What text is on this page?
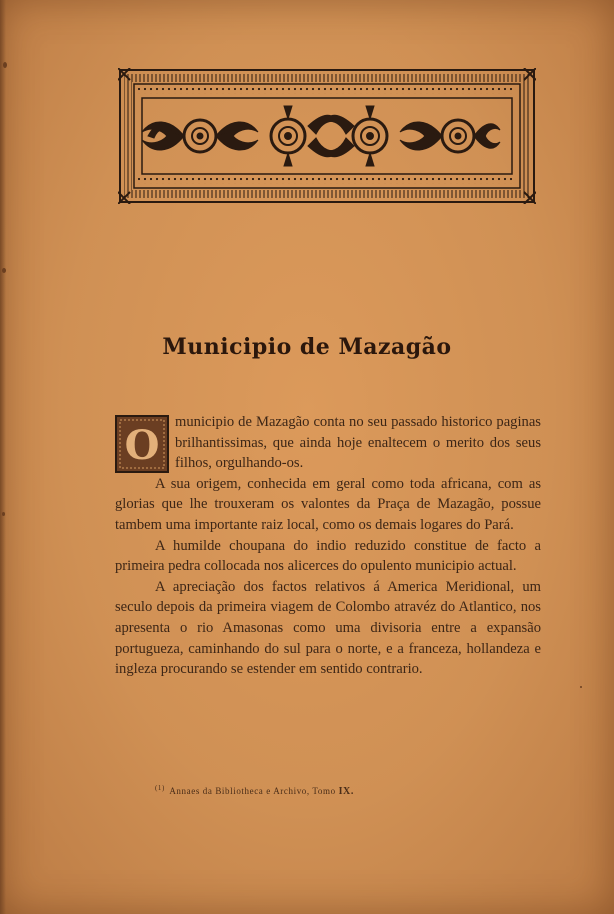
Municipio de Mazagão

O municipio de Mazagão conta no seu passado historico paginas brilhantissimas, que ainda hoje enaltecem o merito dos seus filhos, orgulhando-os.

A sua origem, conhecida em geral como toda africana, com as glorias que lhe trouxeram os valontes da Praça de Mazagão, possue tambem uma importante raiz local, como os demais logares do Pará.

A humilde choupana do indio reduzido constitue de facto a primeira pedra collocada nos alicerces do opulento municipio actual.

A apreciação dos factos relativos á America Meridional, um seculo depois da primeira viagem de Colombo atravéz do Atlantico, nos apresenta o rio Amasonas como uma divisoria entre a expansão portugueza, caminhando do sul para o norte, e a franceza, hollandeza e ingleza procurando se estender em sentido contrario.

$^{(1)}$ Annaes da Bibliotheca e Archivo, Tomo IX.
